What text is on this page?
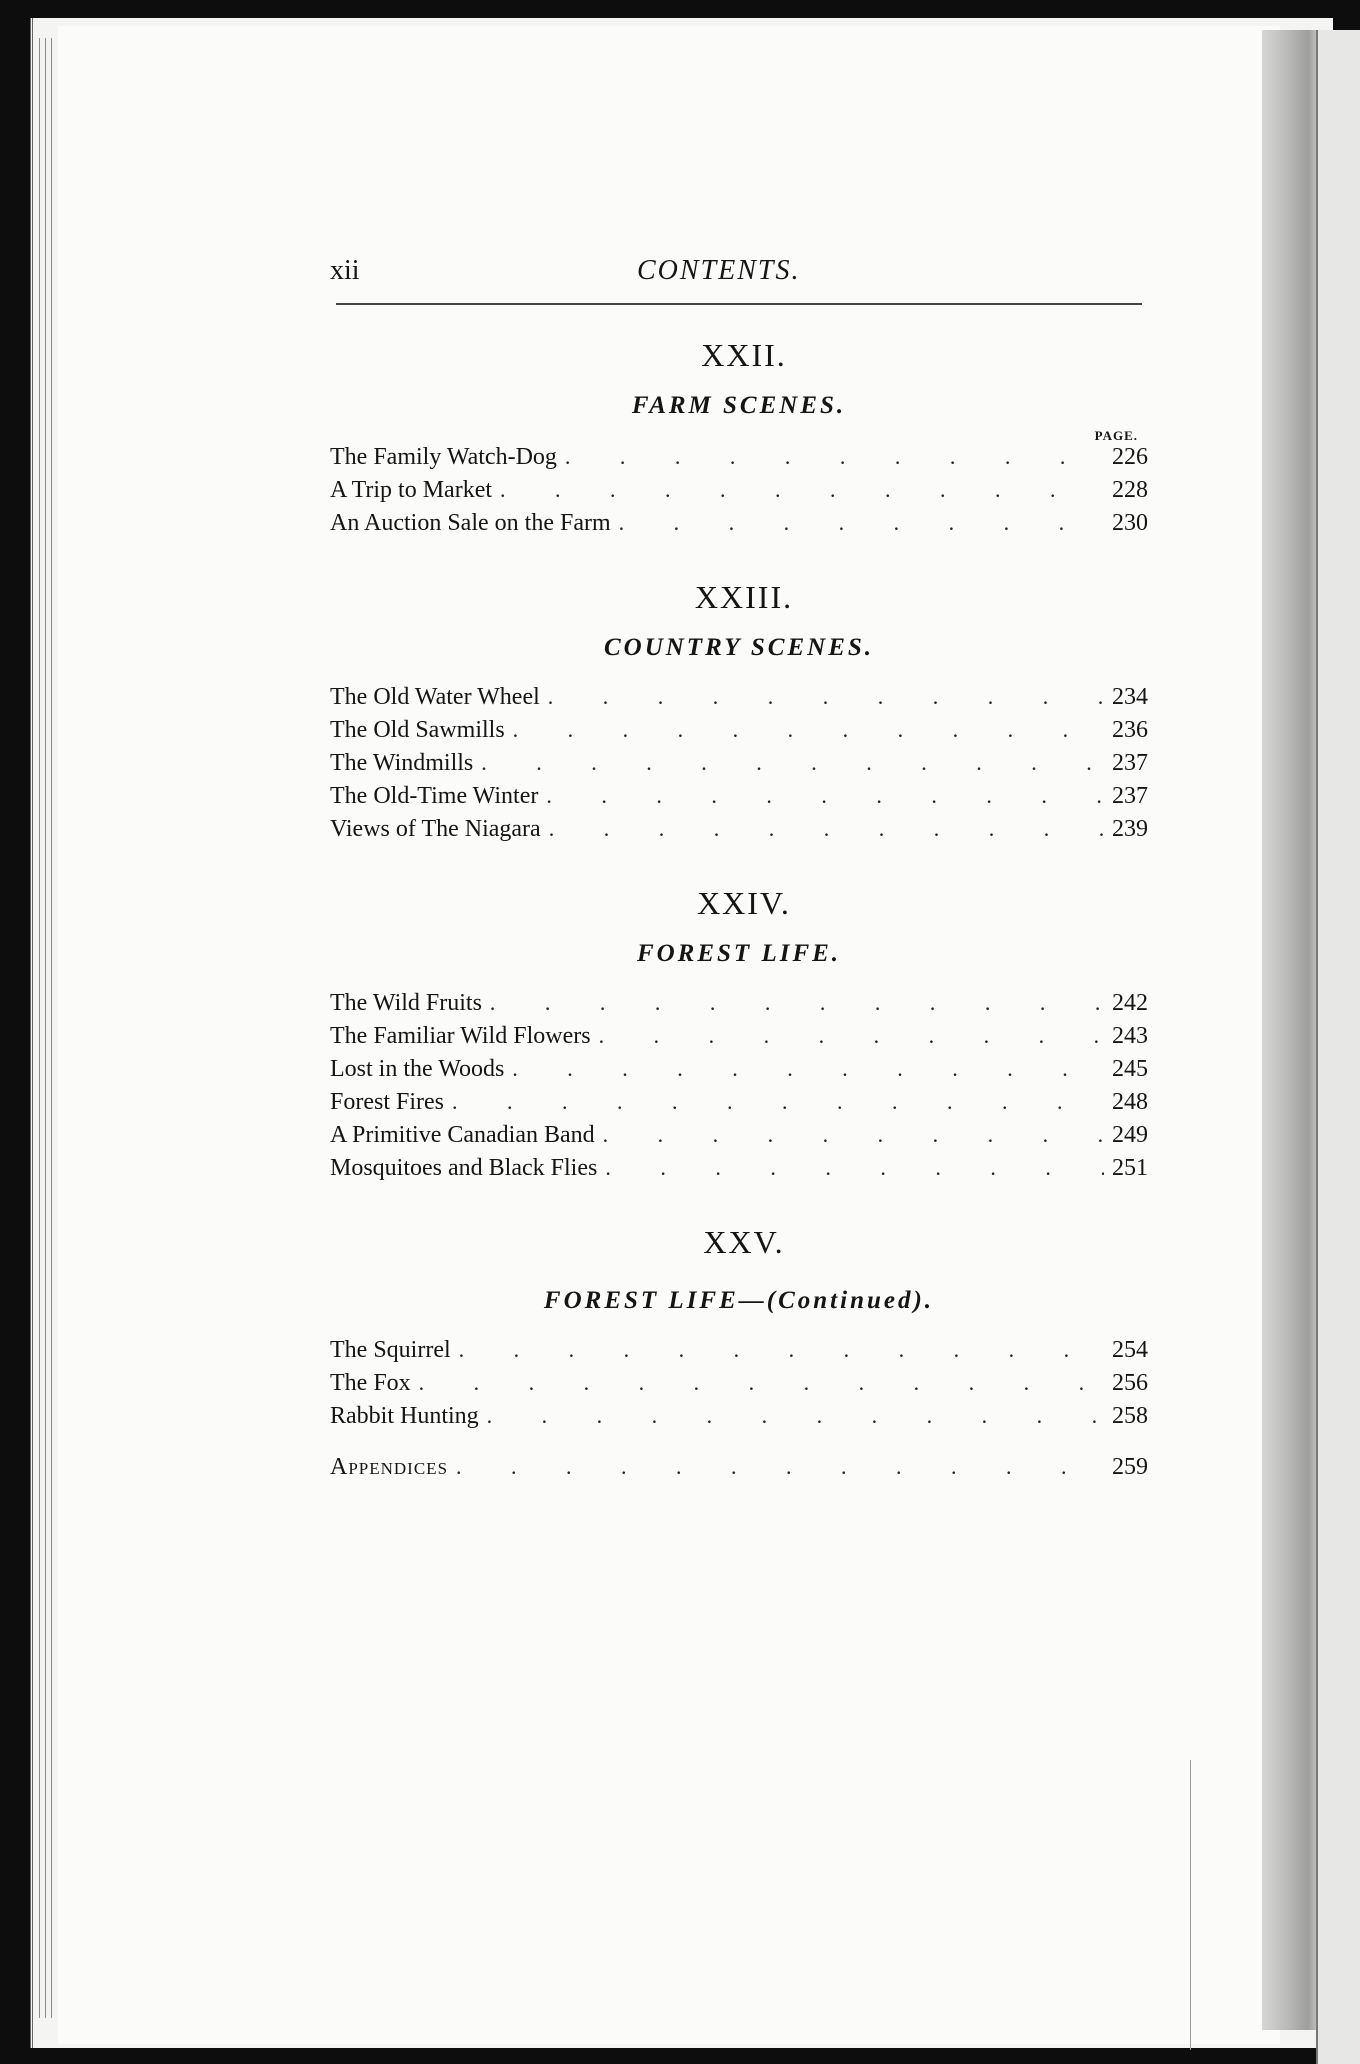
xii	CONTENTS.
XXII.
FARM SCENES.
PAGE.
The Family Watch-Dog . . .	226
A Trip to Market . . .	228
An Auction Sale on the Farm . . .	230
XXIII.
COUNTRY SCENES.
The Old Water Wheel . . .	234
The Old Sawmills . . .	236
The Windmills . . .	237
The Old-Time Winter . . .	237
Views of The Niagara . . .	239
XXIV.
FOREST LIFE.
The Wild Fruits . . .	242
The Familiar Wild Flowers . . .	243
Lost in the Woods . . .	245
Forest Fires . . .	248
A Primitive Canadian Band . . .	249
Mosquitoes and Black Flies . . .	251
XXV.
FOREST LIFE—(Continued).
The Squirrel . . .	254
The Fox . . .	256
Rabbit Hunting . . .	258
Appendices . . .	259
